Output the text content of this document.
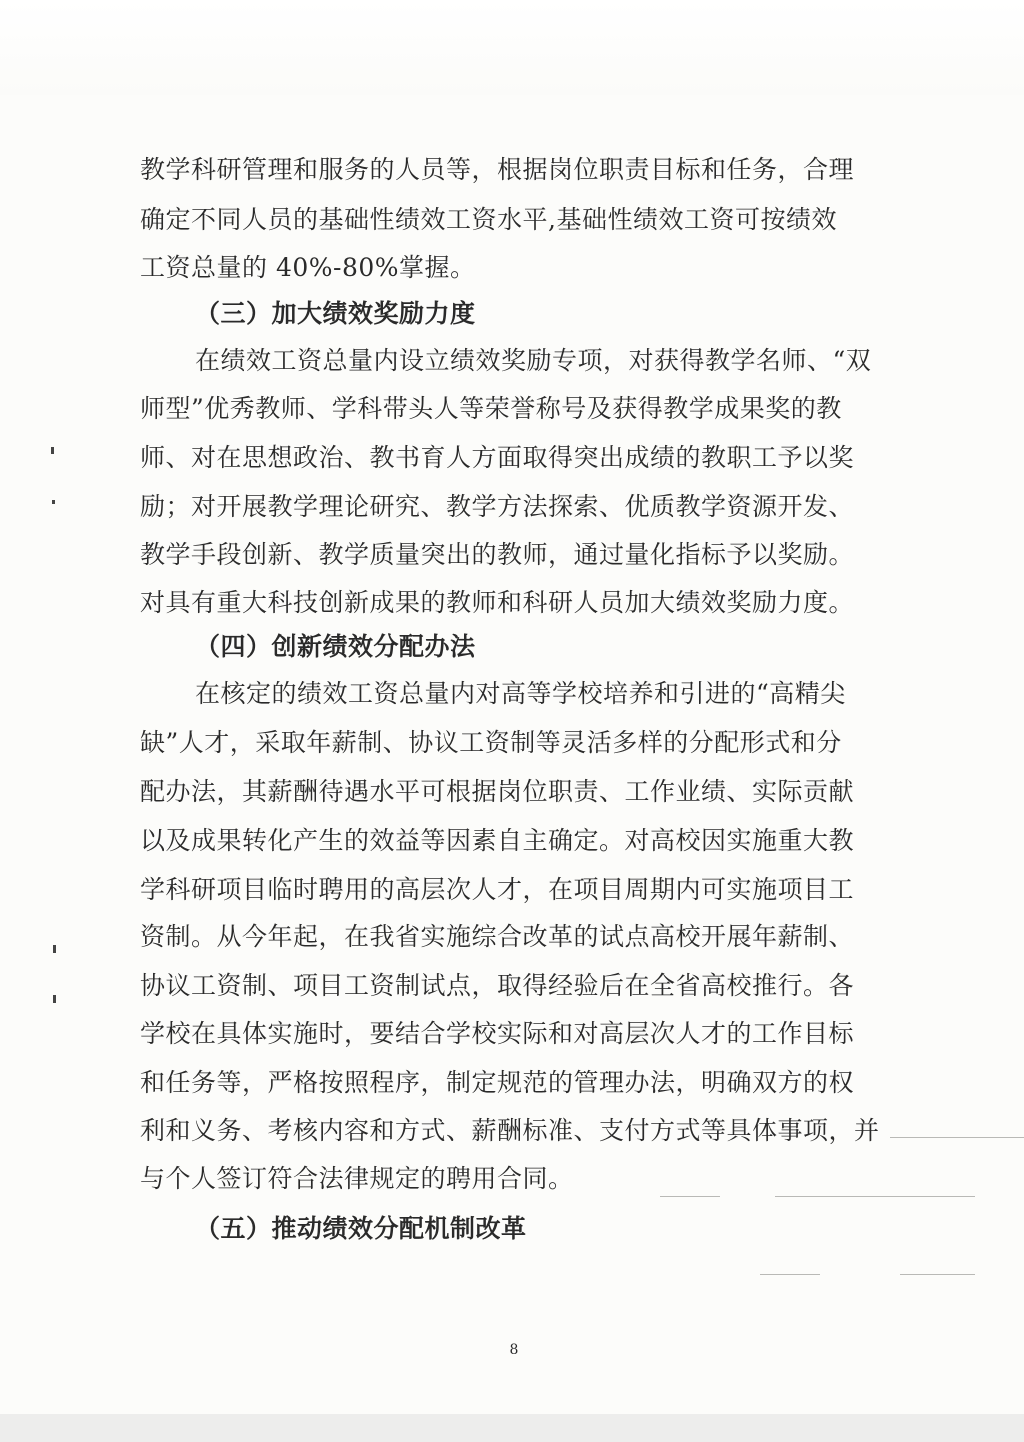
教学科研管理和服务的人员等，根据岗位职责目标和任务，合理
确定不同人员的基础性绩效工资水平,基础性绩效工资可按绩效
工资总量的 40%-80%掌握。
（三）加大绩效奖励力度
在绩效工资总量内设立绩效奖励专项，对获得教学名师、“双
师型”优秀教师、学科带头人等荣誉称号及获得教学成果奖的教
师、对在思想政治、教书育人方面取得突出成绩的教职工予以奖
励；对开展教学理论研究、教学方法探索、优质教学资源开发、
教学手段创新、教学质量突出的教师，通过量化指标予以奖励。
对具有重大科技创新成果的教师和科研人员加大绩效奖励力度。
（四）创新绩效分配办法
在核定的绩效工资总量内对高等学校培养和引进的“高精尖
缺”人才，采取年薪制、协议工资制等灵活多样的分配形式和分
配办法，其薪酬待遇水平可根据岗位职责、工作业绩、实际贡献
以及成果转化产生的效益等因素自主确定。对高校因实施重大教
学科研项目临时聘用的高层次人才，在项目周期内可实施项目工
资制。从今年起，在我省实施综合改革的试点高校开展年薪制、
协议工资制、项目工资制试点，取得经验后在全省高校推行。各
学校在具体实施时，要结合学校实际和对高层次人才的工作目标
和任务等，严格按照程序，制定规范的管理办法，明确双方的权
利和义务、考核内容和方式、薪酬标准、支付方式等具体事项，并
与个人签订符合法律规定的聘用合同。
（五）推动绩效分配机制改革
8
